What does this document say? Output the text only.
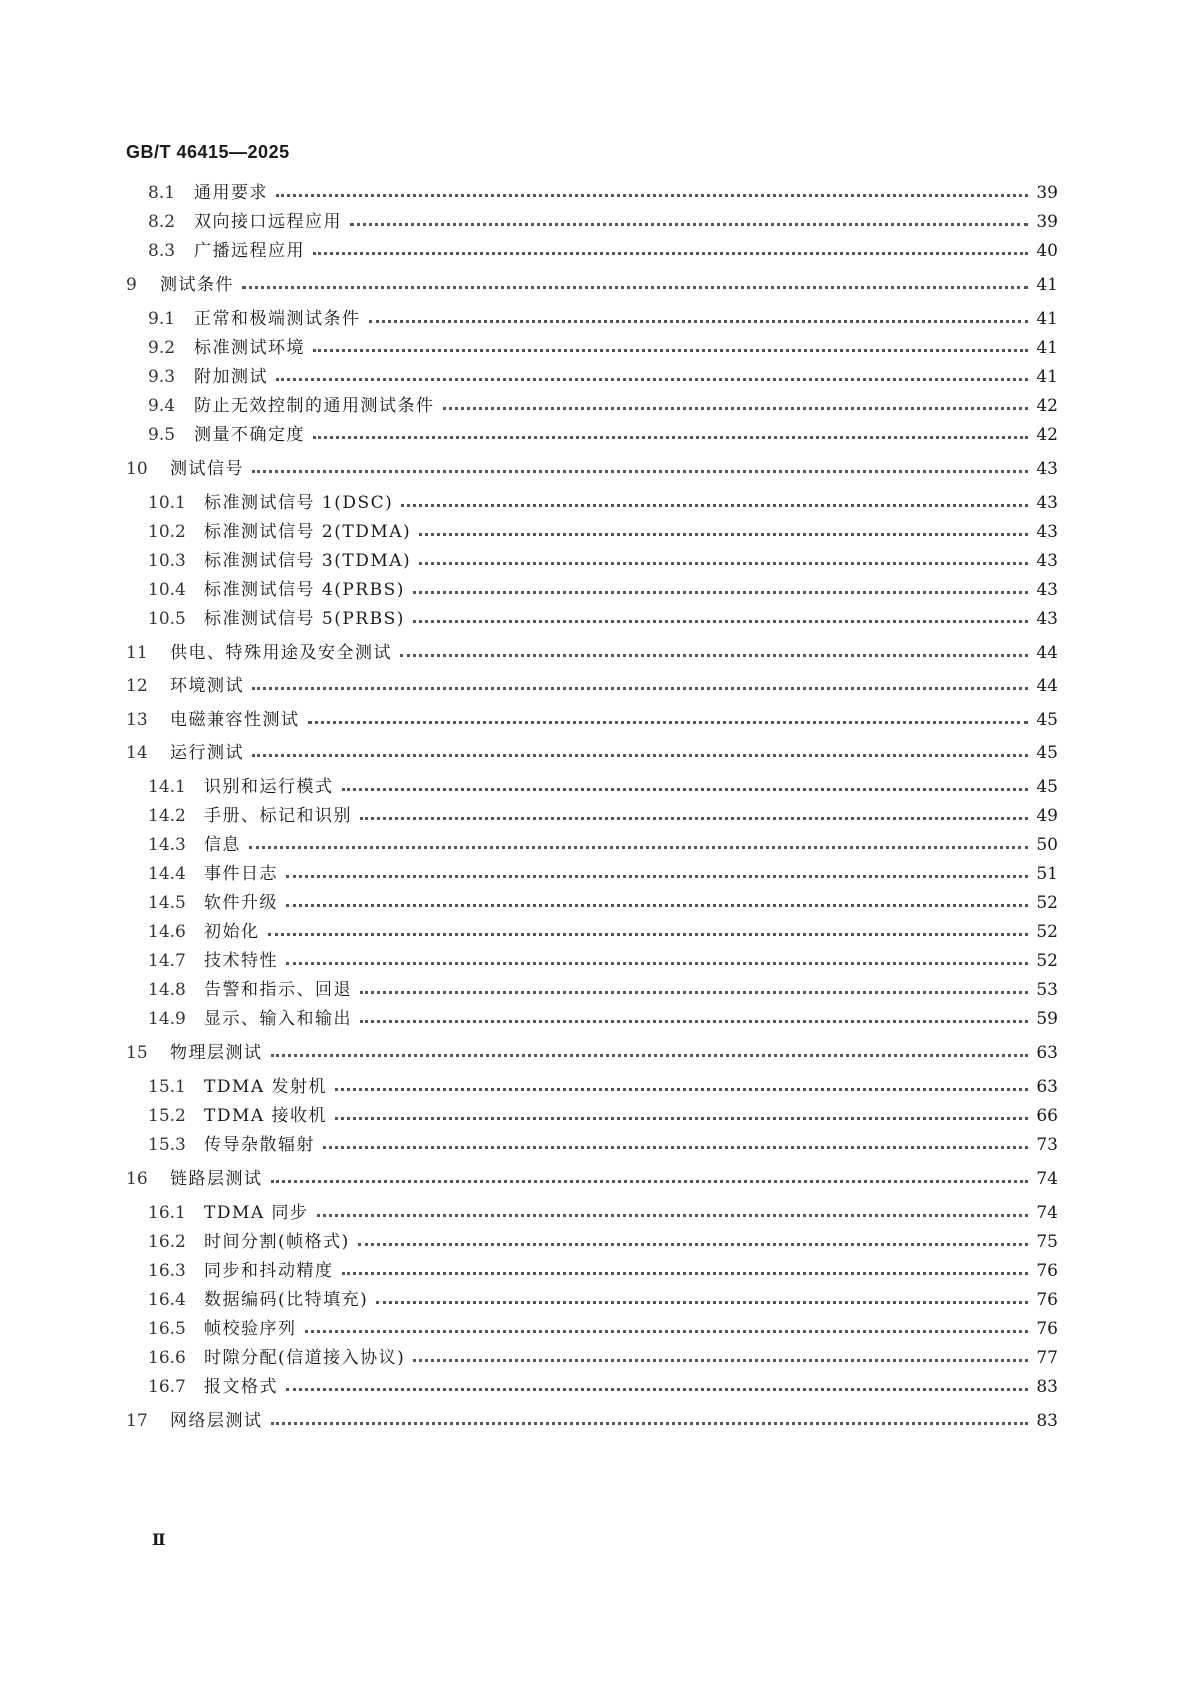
GB/T 46415—2025
8.1	通用要求	39
8.2	双向接口远程应用	39
8.3	广播远程应用	40
9	测试条件	41
9.1	正常和极端测试条件	41
9.2	标准测试环境	41
9.3	附加测试	41
9.4	防止无效控制的通用测试条件	42
9.5	测量不确定度	42
10	测试信号	43
10.1	标准测试信号 1(DSC)	43
10.2	标准测试信号 2(TDMA)	43
10.3	标准测试信号 3(TDMA)	43
10.4	标准测试信号 4(PRBS)	43
10.5	标准测试信号 5(PRBS)	43
11	供电、特殊用途及安全测试	44
12	环境测试	44
13	电磁兼容性测试	45
14	运行测试	45
14.1	识别和运行模式	45
14.2	手册、标记和识别	49
14.3	信息	50
14.4	事件日志	51
14.5	软件升级	52
14.6	初始化	52
14.7	技术特性	52
14.8	告警和指示、回退	53
14.9	显示、输入和输出	59
15	物理层测试	63
15.1	TDMA 发射机	63
15.2	TDMA 接收机	66
15.3	传导杂散辐射	73
16	链路层测试	74
16.1	TDMA 同步	74
16.2	时间分割(帧格式)	75
16.3	同步和抖动精度	76
16.4	数据编码(比特填充)	76
16.5	帧校验序列	76
16.6	时隙分配(信道接入协议)	77
16.7	报文格式	83
17	网络层测试	83
Ⅱ
